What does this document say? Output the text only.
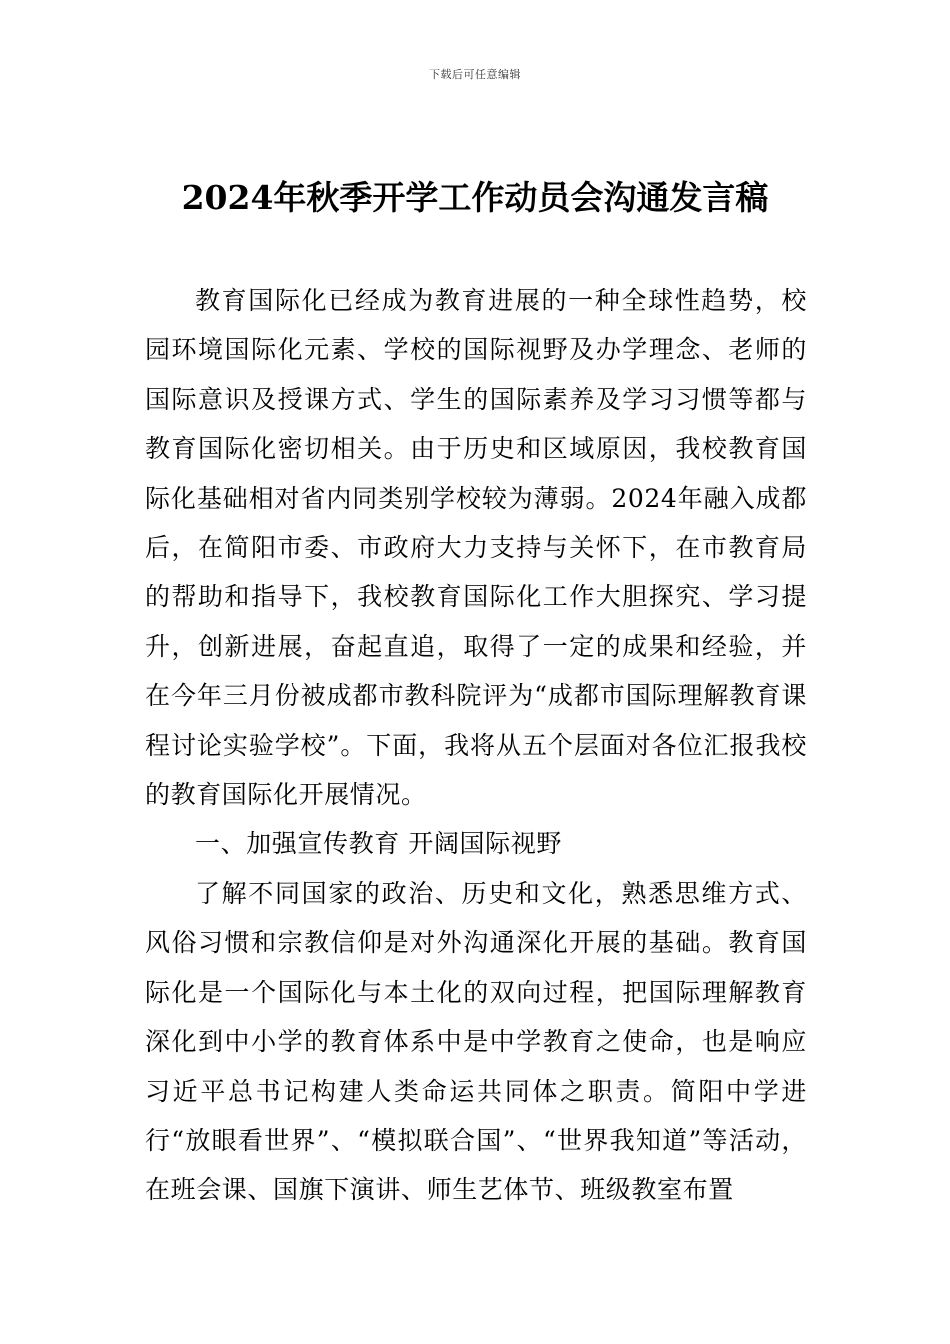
下载后可任意编辑
2024年秋季开学工作动员会沟通发言稿

教育国际化已经成为教育进展的一种全球性趋势，校园环境国际化元素、学校的国际视野及办学理念、老师的国际意识及授课方式、学生的国际素养及学习习惯等都与教育国际化密切相关。由于历史和区域原因，我校教育国际化基础相对省内同类别学校较为薄弱。2024年融入成都后，在简阳市委、市政府大力支持与关怀下，在市教育局的帮助和指导下，我校教育国际化工作大胆探究、学习提升，创新进展，奋起直追，取得了一定的成果和经验，并在今年三月份被成都市教科院评为“成都市国际理解教育课程讨论实验学校”。下面，我将从五个层面对各位汇报我校的教育国际化开展情况。

一、加强宣传教育 开阔国际视野

了解不同国家的政治、历史和文化，熟悉思维方式、风俗习惯和宗教信仰是对外沟通深化开展的基础。教育国际化是一个国际化与本土化的双向过程，把国际理解教育深化到中小学的教育体系中是中学教育之使命，也是响应习近平总书记构建人类命运共同体之职责。简阳中学进行“放眼看世界”、“模拟联合国”、“世界我知道”等活动，在班会课、国旗下演讲、师生艺体节、班级教室布置
